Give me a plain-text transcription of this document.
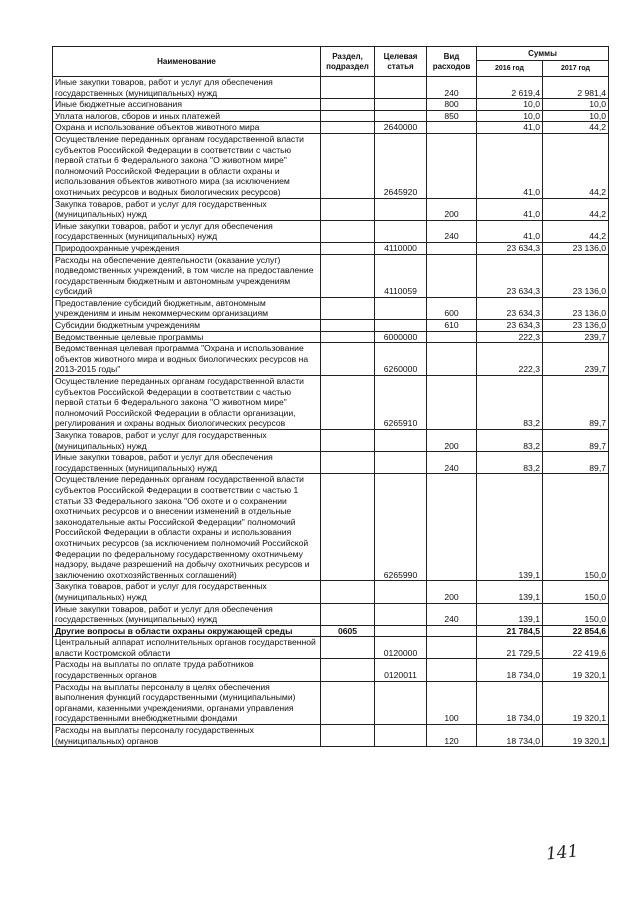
Наименование	Раздел, подраздел	Целевая статья	Вид расходов	Суммы	
				2016 год	2017 год
Иные закупки товаров, работ и услуг для обеспечения государственных (муниципальных) нужд			240	2 619,4	2 981,4
Иные бюджетные ассигнования			800	10,0	10,0
Уплата налогов, сборов и иных платежей			850	10,0	10,0
Охрана и использование объектов животного мира		2640000		41,0	44,2
Осуществление переданных органам государственной власти субъектов Российской Федерации в соответствии с частью первой статьи 6 Федерального закона "О животном мире" полномочий Российской Федерации в области охраны и использования объектов животного мира (за исключением охотничьих ресурсов и водных биологических ресурсов)		2645920		41,0	44,2
Закупка товаров, работ и услуг для государственных (муниципальных) нужд			200	41,0	44,2
Иные закупки товаров, работ и услуг для обеспечения государственных (муниципальных) нужд			240	41,0	44,2
Природоохранные учреждения		4110000		23 634,3	23 136,0
Расходы на обеспечение деятельности (оказание услуг) подведомственных учреждений, в том числе на предоставление государственным бюджетным и автономным учреждениям субсидий		4110059		23 634,3	23 136,0
Предоставление субсидий бюджетным, автономным учреждениям и иным некоммерческим организациям			600	23 634,3	23 136,0
Субсидии бюджетным учреждениям			610	23 634,3	23 136,0
Ведомственные целевые программы		6000000		222,3	239,7
Ведомственная целевая программа "Охрана и использование объектов животного мира и водных биологических ресурсов на 2013-2015 годы"		6260000		222,3	239,7
Осуществление переданных органам государственной власти субъектов Российской Федерации в соответствии с частью первой статьи 6 Федерального закона "О животном мире" полномочий Российской Федерации в области организации, регулирования и охраны водных биологических ресурсов		6265910		83,2	89,7
Закупка товаров, работ и услуг для государственных (муниципальных) нужд			200	83,2	89,7
Иные закупки товаров, работ и услуг для обеспечения государственных (муниципальных) нужд			240	83,2	89,7
Осуществление переданных органам государственной власти субъектов Российской Федерации в соответствии с частью 1 статьи 33 Федерального закона "Об охоте и о сохранении охотничьих ресурсов и о внесении изменений в отдельные законодательные акты Российской Федерации" полномочий Российской Федерации в области охраны и использования охотничьих ресурсов (за исключением полномочий Российской Федерации по федеральному государственному охотничьему надзору, выдаче разрешений на добычу охотничьих ресурсов и заключению охотхозяйственных соглашений)		6265990		139,1	150,0
Закупка товаров, работ и услуг для государственных (муниципальных) нужд			200	139,1	150,0
Иные закупки товаров, работ и услуг для обеспечения государственных (муниципальных) нужд			240	139,1	150,0
Другие вопросы в области охраны окружающей среды	0605			21 784,5	22 854,6
Центральный аппарат исполнительных органов государственной власти Костромской области		0120000		21 729,5	22 419,6
Расходы на выплаты по оплате труда работников государственных органов		0120011		18 734,0	19 320,1
Расходы на выплаты персоналу в целях обеспечения выполнения функций государственными (муниципальными) органами, казенными учреждениями, органами управления государственными внебюджетными фондами			100	18 734,0	19 320,1
Расходы на выплаты персоналу государственных (муниципальных) органов			120	18 734,0	19 320,1
141
